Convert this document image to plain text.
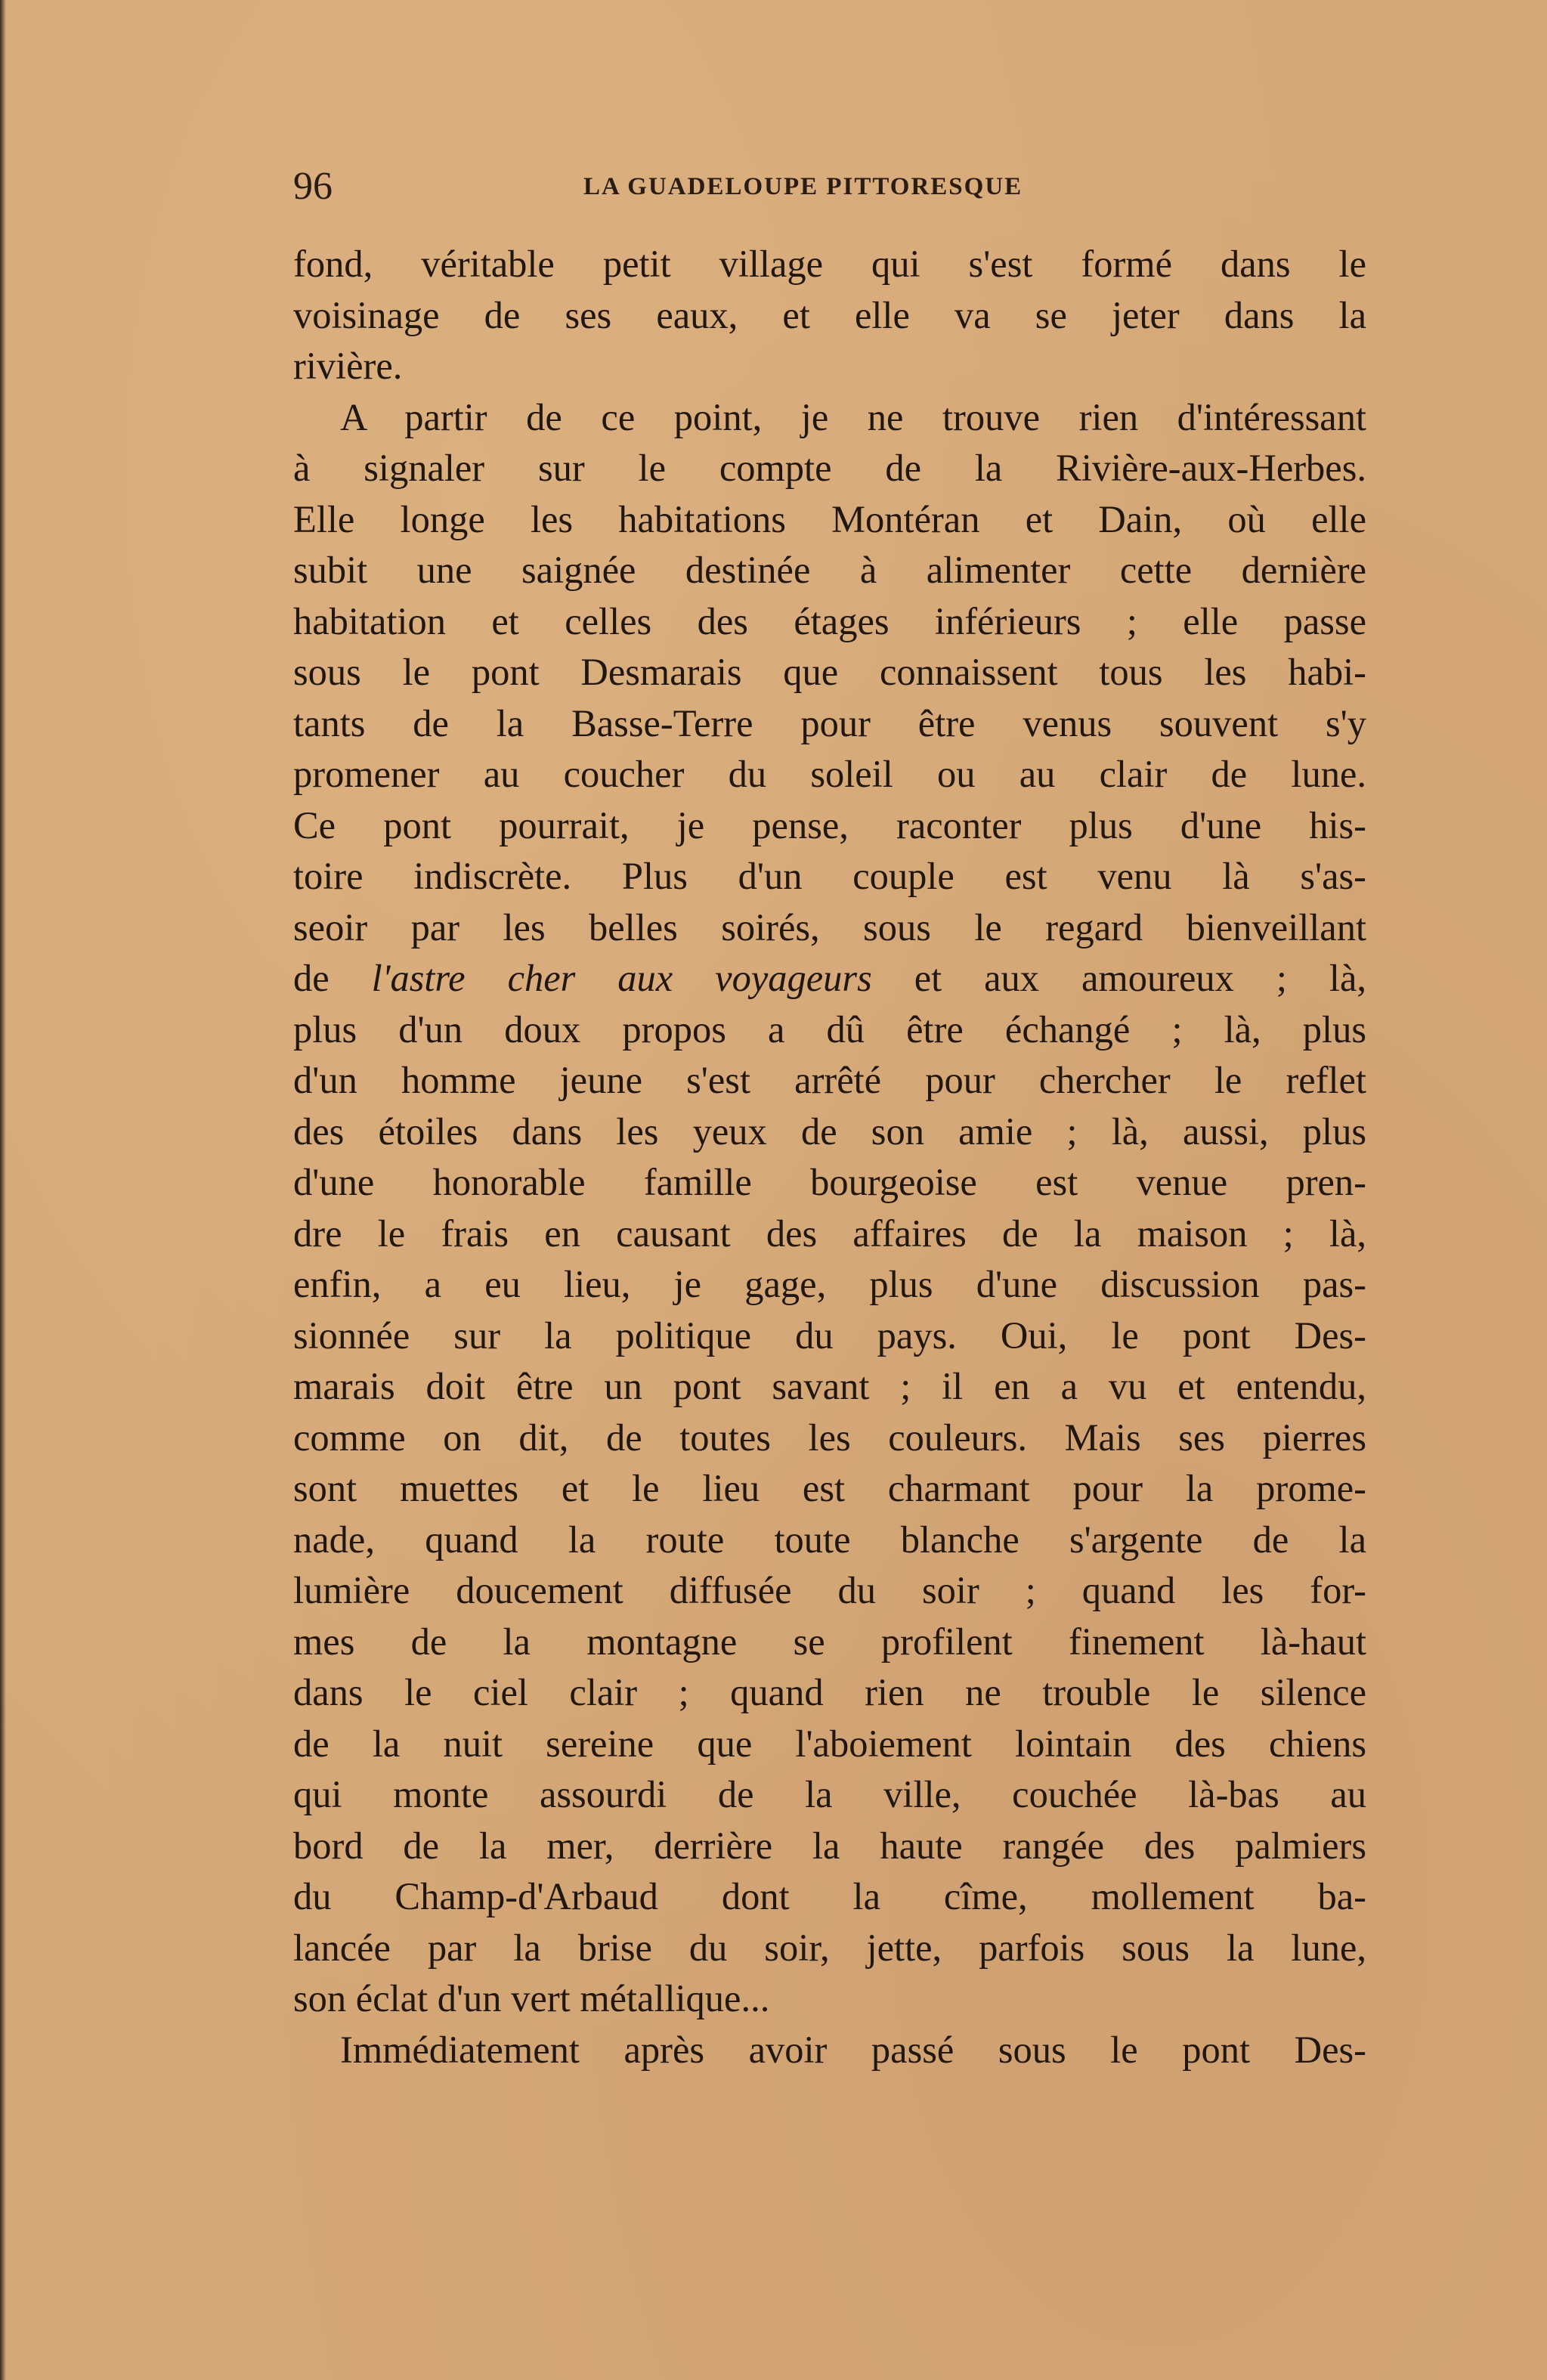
96	LA GUADELOUPE PITTORESQUE
fond, véritable petit village qui s'est formé dans le
voisinage de ses eaux, et elle va se jeter dans la
rivière.
A partir de ce point, je ne trouve rien d'intéressant
à signaler sur le compte de la Rivière-aux-Herbes.
Elle longe les habitations Montéran et Dain, où elle
subit une saignée destinée à alimenter cette dernière
habitation et celles des étages inférieurs ; elle passe
sous le pont Desmarais que connaissent tous les habi-
tants de la Basse-Terre pour être venus souvent s'y
promener au coucher du soleil ou au clair de lune.
Ce pont pourrait, je pense, raconter plus d'une his-
toire indiscrète. Plus d'un couple est venu là s'as-
seoir par les belles soirés, sous le regard bienveillant
de l'astre cher aux voyageurs et aux amoureux ; là,
plus d'un doux propos a dû être échangé ; là, plus
d'un homme jeune s'est arrêté pour chercher le reflet
des étoiles dans les yeux de son amie ; là, aussi, plus
d'une honorable famille bourgeoise est venue pren-
dre le frais en causant des affaires de la maison ; là,
enfin, a eu lieu, je gage, plus d'une discussion pas-
sionnée sur la politique du pays. Oui, le pont Des-
marais doit être un pont savant ; il en a vu et entendu,
comme on dit, de toutes les couleurs. Mais ses pierres
sont muettes et le lieu est charmant pour la prome-
nade, quand la route toute blanche s'argente de la
lumière doucement diffusée du soir ; quand les for-
mes de la montagne se profilent finement là-haut
dans le ciel clair ; quand rien ne trouble le silence
de la nuit sereine que l'aboiement lointain des chiens
qui monte assourdi de la ville, couchée là-bas au
bord de la mer, derrière la haute rangée des palmiers
du Champ-d'Arbaud dont la cîme, mollement ba-
lancée par la brise du soir, jette, parfois sous la lune,
son éclat d'un vert métallique...
Immédiatement après avoir passé sous le pont Des-
